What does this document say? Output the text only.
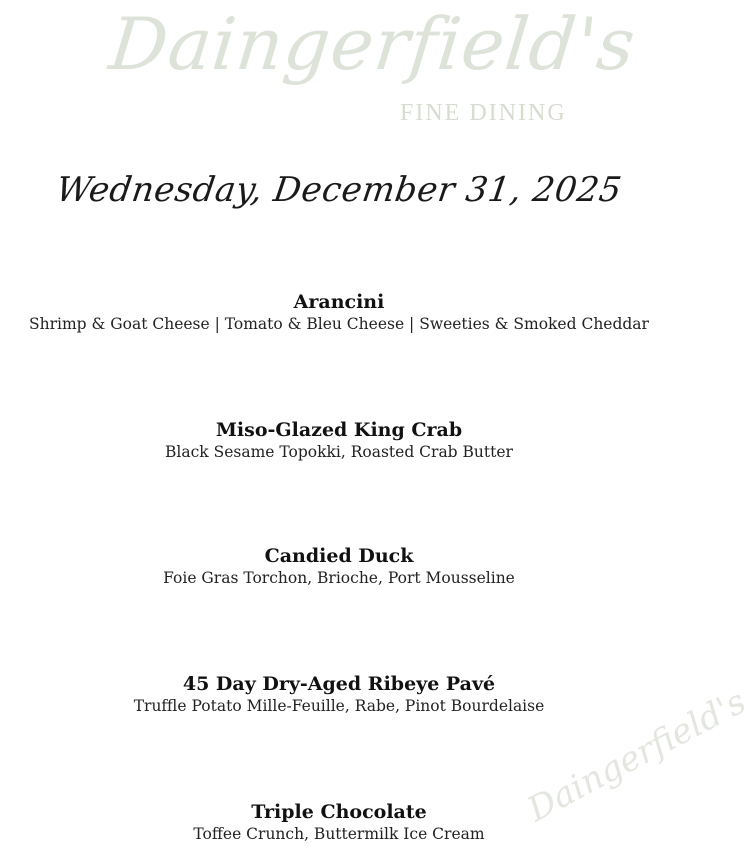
Daingerfield's
FINE DINING
Wednesday, December 31, 2025
Arancini
Shrimp & Goat Cheese | Tomato & Bleu Cheese | Sweeties & Smoked Cheddar
Miso-Glazed King Crab
Black Sesame Topokki, Roasted Crab Butter
Candied Duck
Foie Gras Torchon, Brioche, Port Mousseline
45 Day Dry-Aged Ribeye Pavé
Truffle Potato Mille-Feuille, Rabe, Pinot Bourdelaise
Triple Chocolate
Toffee Crunch, Buttermilk Ice Cream
Daingerfield's
